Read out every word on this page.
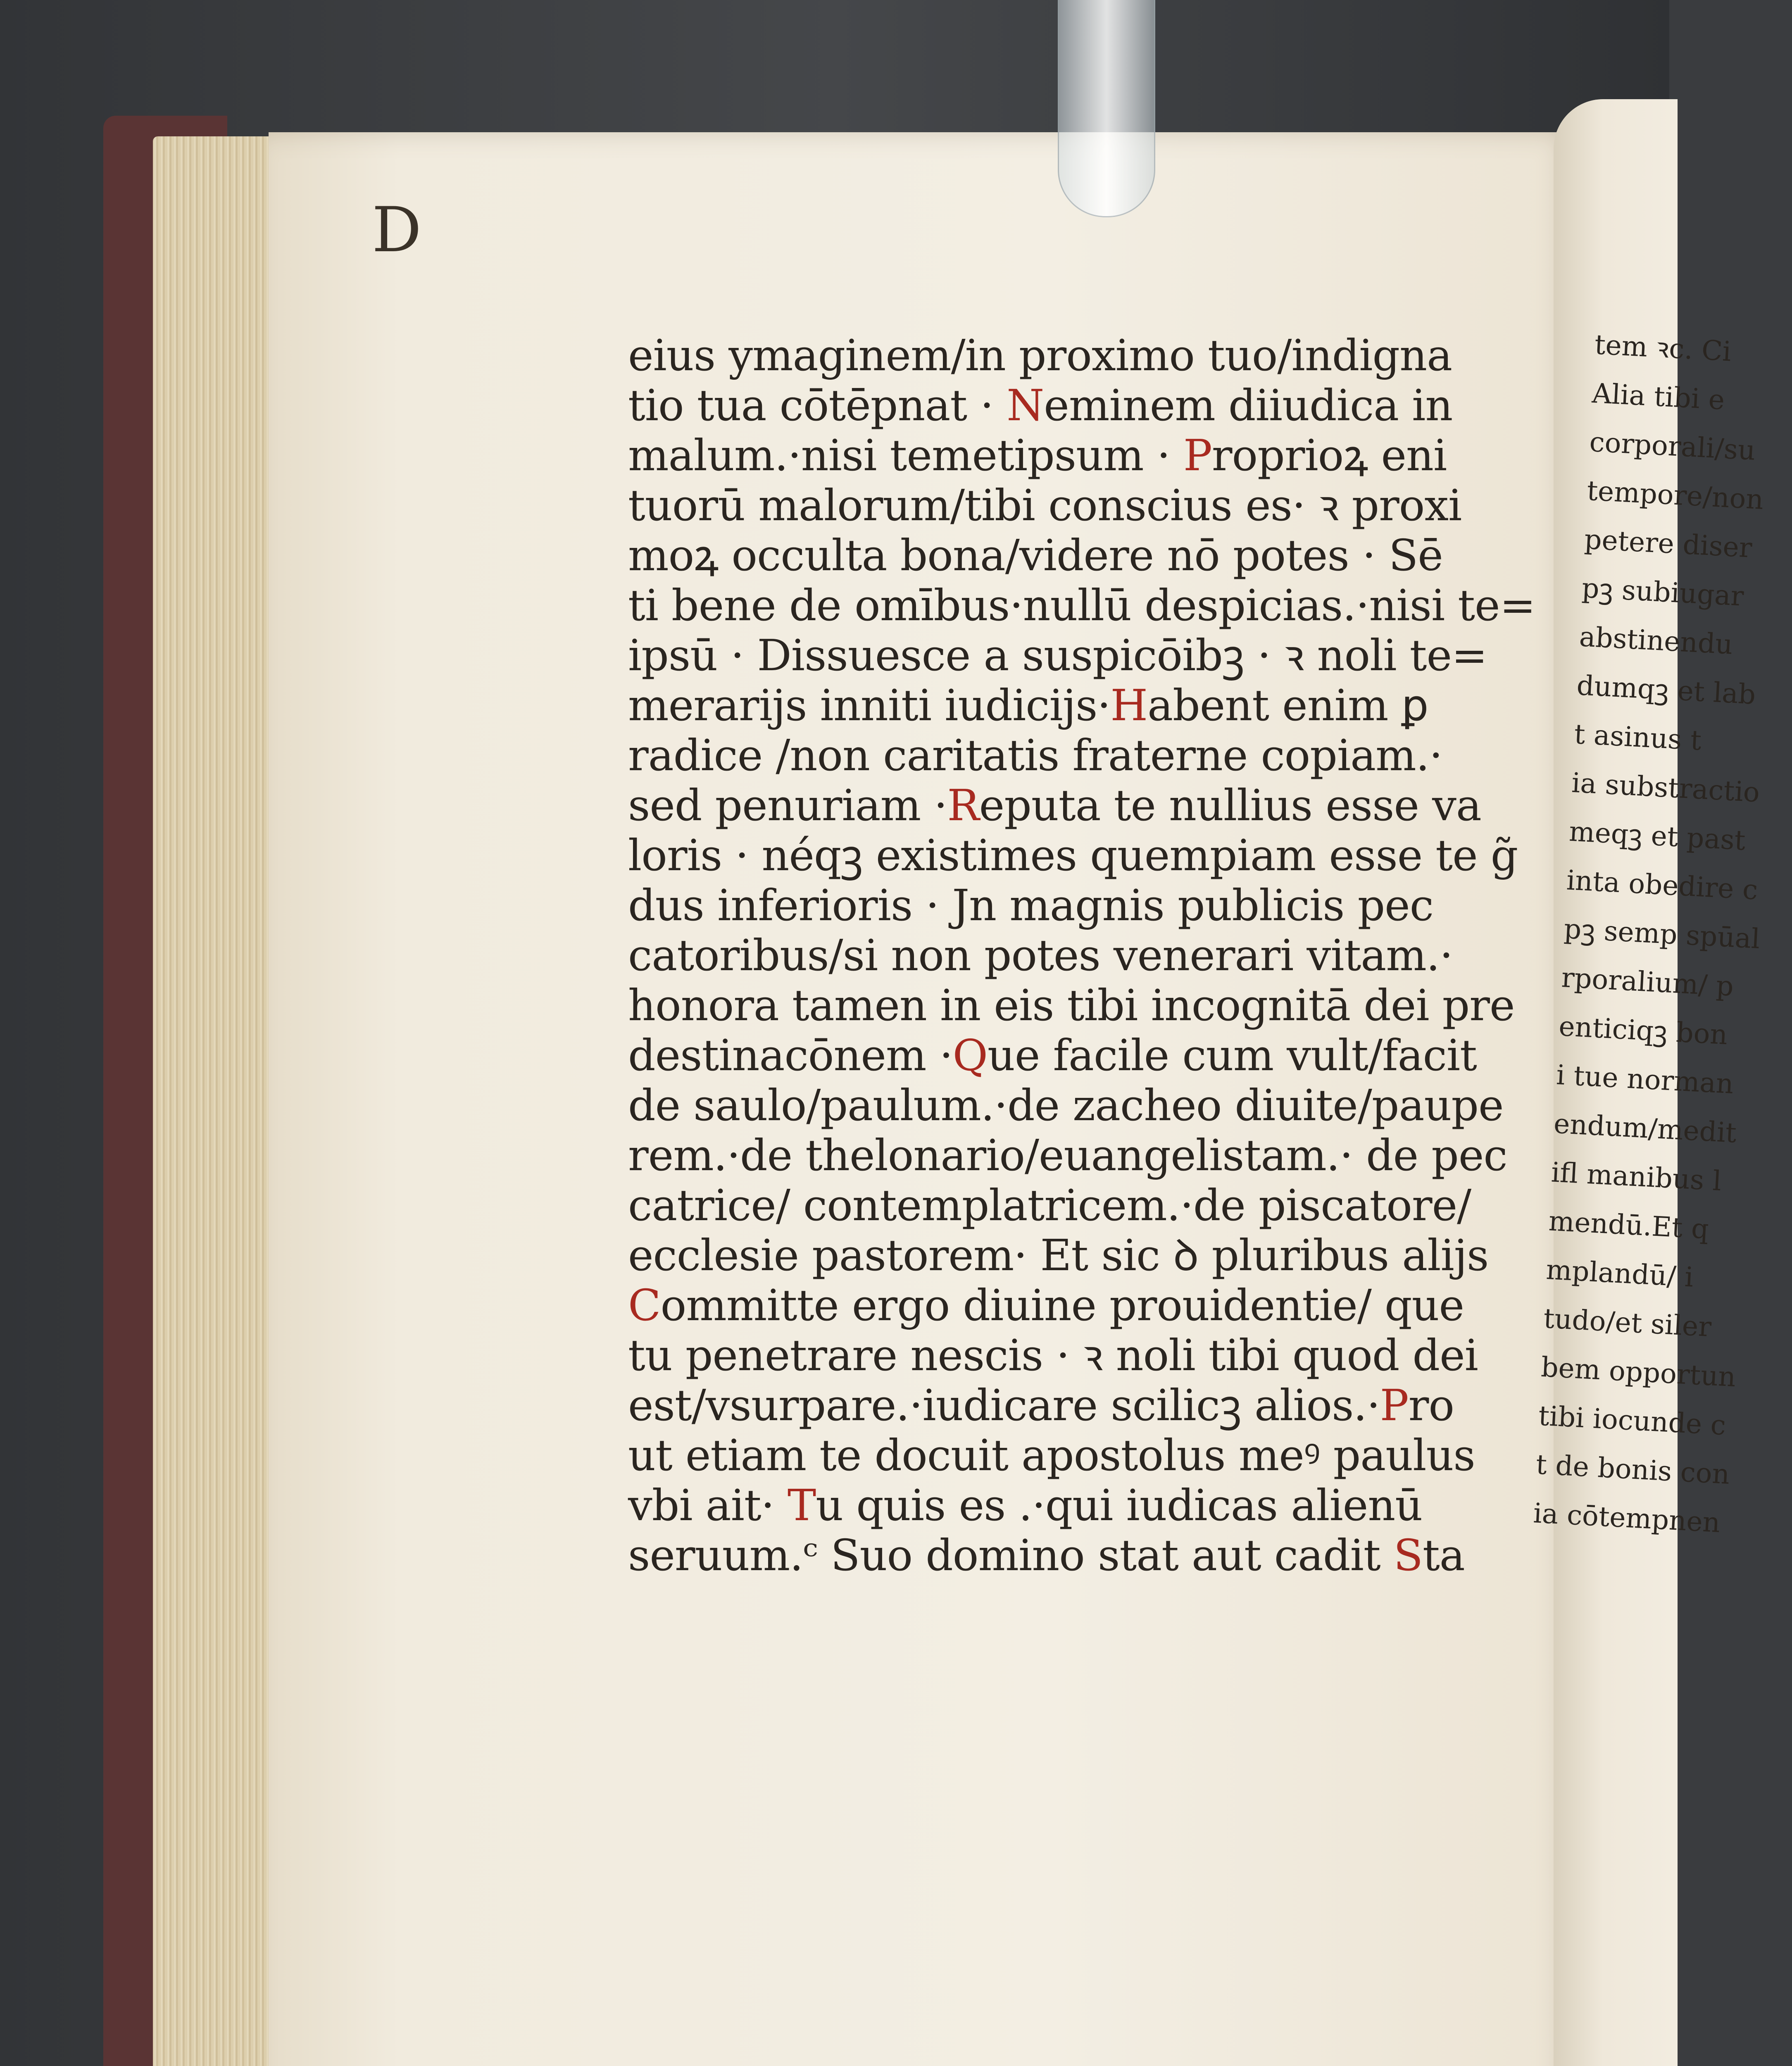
D
eius ymaginem/in proximo tuo/indigna
tio tua cōtēpnat · Neminem diiudica in
malum.·nisi temetipsum · Proprioꝝ eni
tuorū malorum/tibi conscius es· ꝛ proxi
moꝝ occulta bona/videre nō potes · Sē
ti bene de omībus·nullū despicias.·nisi te=
ipsū · Dissuesce a suspicōibꝫ · ꝛ noli te=
merarijs inniti iudicijs·Habent enim ꝑ
radice /non caritatis fraterne copiam.·
sed penuriam ·Reputa te nullius esse va
loris · néqꝫ existimes quempiam esse te g̃
dus inferioris · Jn magnis publicis pec
catoribus/si non potes venerari vitam.·
honora tamen in eis tibi incognitā dei pre
destinacōnem ·Que facile cum vult/facit
de saulo/paulum.·de zacheo diuite/paupe
rem.·de thelonario/euangelistam.· de pec
catrice/ contemplatricem.·de piscatore/
ecclesie pastorem· Et sic ꝺ pluribus alijs
Committe ergo diuine prouidentie/ que
tu penetrare nescis · ꝛ noli tibi quod dei
est/vsurpare.·iudicare scilicꝫ alios.·Pro
ut etiam te docuit apostolus meꝰ paulus
vbi ait· Tu quis es .·qui iudicas alienū
seruum.ᶜ Suo domino stat aut cadit Sta
tem ꝛc. Ci
Alia tibi e
corporali/su
tempore/non
petere diser
pꝫ subiugar
abstinendu
dumqꝫ et lab
t asinus t
ia substractio
meqꝫ et past
inta obedire c
pꝫ semp spūal
rporalium/ p
enticiqꝫ bon
i tue norman
endum/medit
ifl manibus l
mendū.Et q
mplandū/ i
tudo/et siler
bem opportun
tibi iocunde c
t de bonis con
ia cōtempnen
